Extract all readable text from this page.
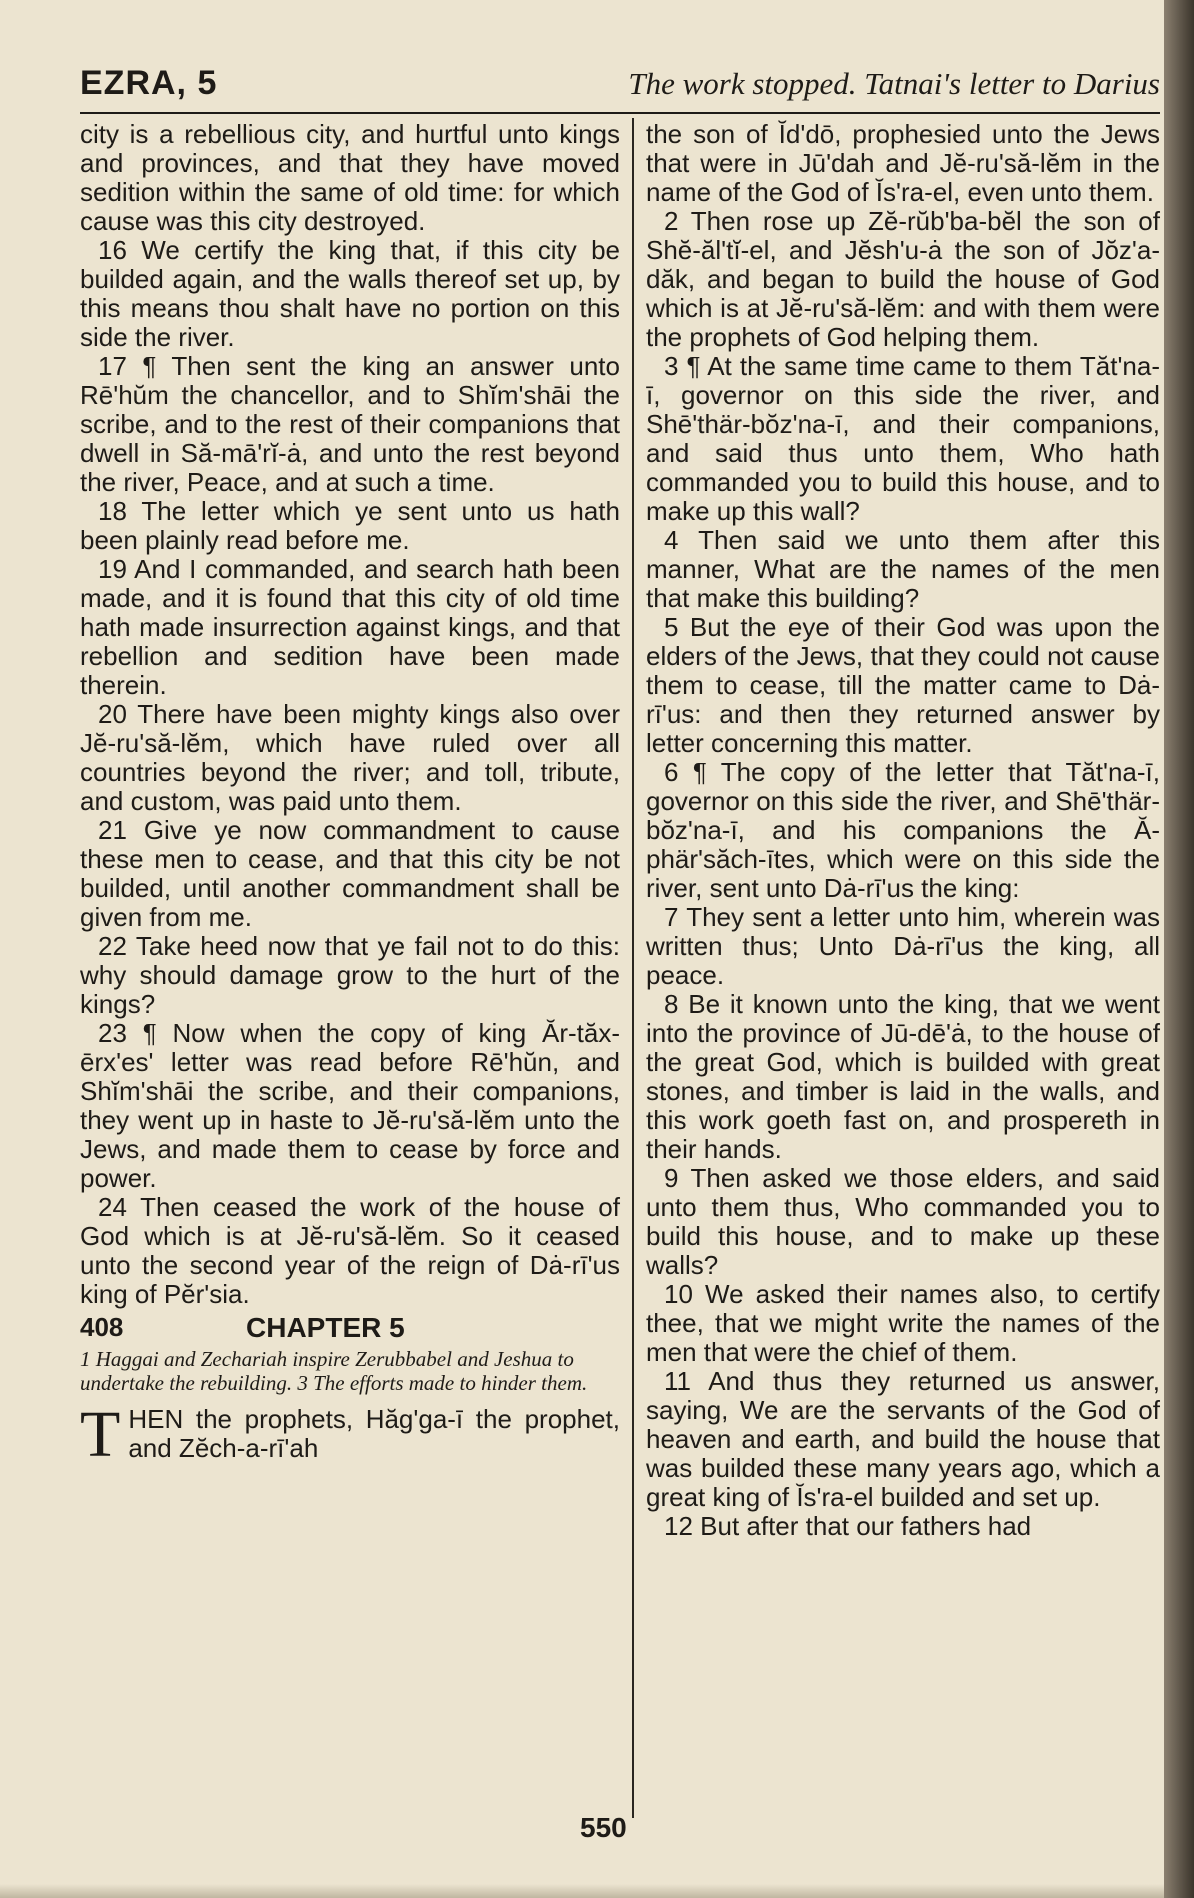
EZRA, 5	The work stopped. Tatnai's letter to Darius

city is a rebellious city, and hurtful unto kings and provinces, and that they have moved sedition within the same of old time: for which cause was this city destroyed.

16 We certify the king that, if this city be builded again, and the walls thereof set up, by this means thou shalt have no portion on this side the river.

17 ¶ Then sent the king an answer unto Rē'hŭm the chancellor, and to Shĭm'shāi the scribe, and to the rest of their companions that dwell in Să-mā'rĭ-ȧ, and unto the rest beyond the river, Peace, and at such a time.

18 The letter which ye sent unto us hath been plainly read before me.

19 And I commanded, and search hath been made, and it is found that this city of old time hath made insurrection against kings, and that rebellion and sedition have been made therein.

20 There have been mighty kings also over Jĕ-ru'să-lĕm, which have ruled over all countries beyond the river; and toll, tribute, and custom, was paid unto them.

21 Give ye now commandment to cause these men to cease, and that this city be not builded, until another commandment shall be given from me.

22 Take heed now that ye fail not to do this: why should damage grow to the hurt of the kings?

23 ¶ Now when the copy of king Ăr-tăx-ērx'es' letter was read before Rē'hŭn, and Shĭm'shāi the scribe, and their companions, they went up in haste to Jĕ-ru'să-lĕm unto the Jews, and made them to cease by force and power.

24 Then ceased the work of the house of God which is at Jĕ-ru'să-lĕm. So it ceased unto the second year of the reign of Dȧ-rī'us king of Pĕr'sia.

408	CHAPTER 5

1 Haggai and Zechariah inspire Zerubbabel and Jeshua to undertake the rebuilding. 3 The efforts made to hinder them.

T HEN the prophets, Hăg'ga-ī the prophet, and Zĕch-a-rī'ah

the son of Ĭd'dō, prophesied unto the Jews that were in Jū'dah and Jĕ-ru'să-lĕm in the name of the God of Ĭs'ra-el, even unto them.

2 Then rose up Zĕ-rŭb'ba-bĕl the son of Shĕ-ăl'tĭ-el, and Jĕsh'u-ȧ the son of Jŏz'a-dăk, and began to build the house of God which is at Jĕ-ru'să-lĕm: and with them were the prophets of God helping them.

3 ¶ At the same time came to them Tăt'na-ī, governor on this side the river, and Shē'thär-bŏz'na-ī, and their companions, and said thus unto them, Who hath commanded you to build this house, and to make up this wall?

4 Then said we unto them after this manner, What are the names of the men that make this building?

5 But the eye of their God was upon the elders of the Jews, that they could not cause them to cease, till the matter came to Dȧ-rī'us: and then they returned answer by letter concerning this matter.

6 ¶ The copy of the letter that Tăt'na-ī, governor on this side the river, and Shē'thär-bŏz'na-ī, and his companions the Ă-phär'săch-ītes, which were on this side the river, sent unto Dȧ-rī'us the king:

7 They sent a letter unto him, wherein was written thus; Unto Dȧ-rī'us the king, all peace.

8 Be it known unto the king, that we went into the province of Jū-dē'ȧ, to the house of the great God, which is builded with great stones, and timber is laid in the walls, and this work goeth fast on, and prospereth in their hands.

9 Then asked we those elders, and said unto them thus, Who commanded you to build this house, and to make up these walls?

10 We asked their names also, to certify thee, that we might write the names of the men that were the chief of them.

11 And thus they returned us answer, saying, We are the servants of the God of heaven and earth, and build the house that was builded these many years ago, which a great king of Ĭs'ra-el builded and set up.

12 But after that our fathers had

550
